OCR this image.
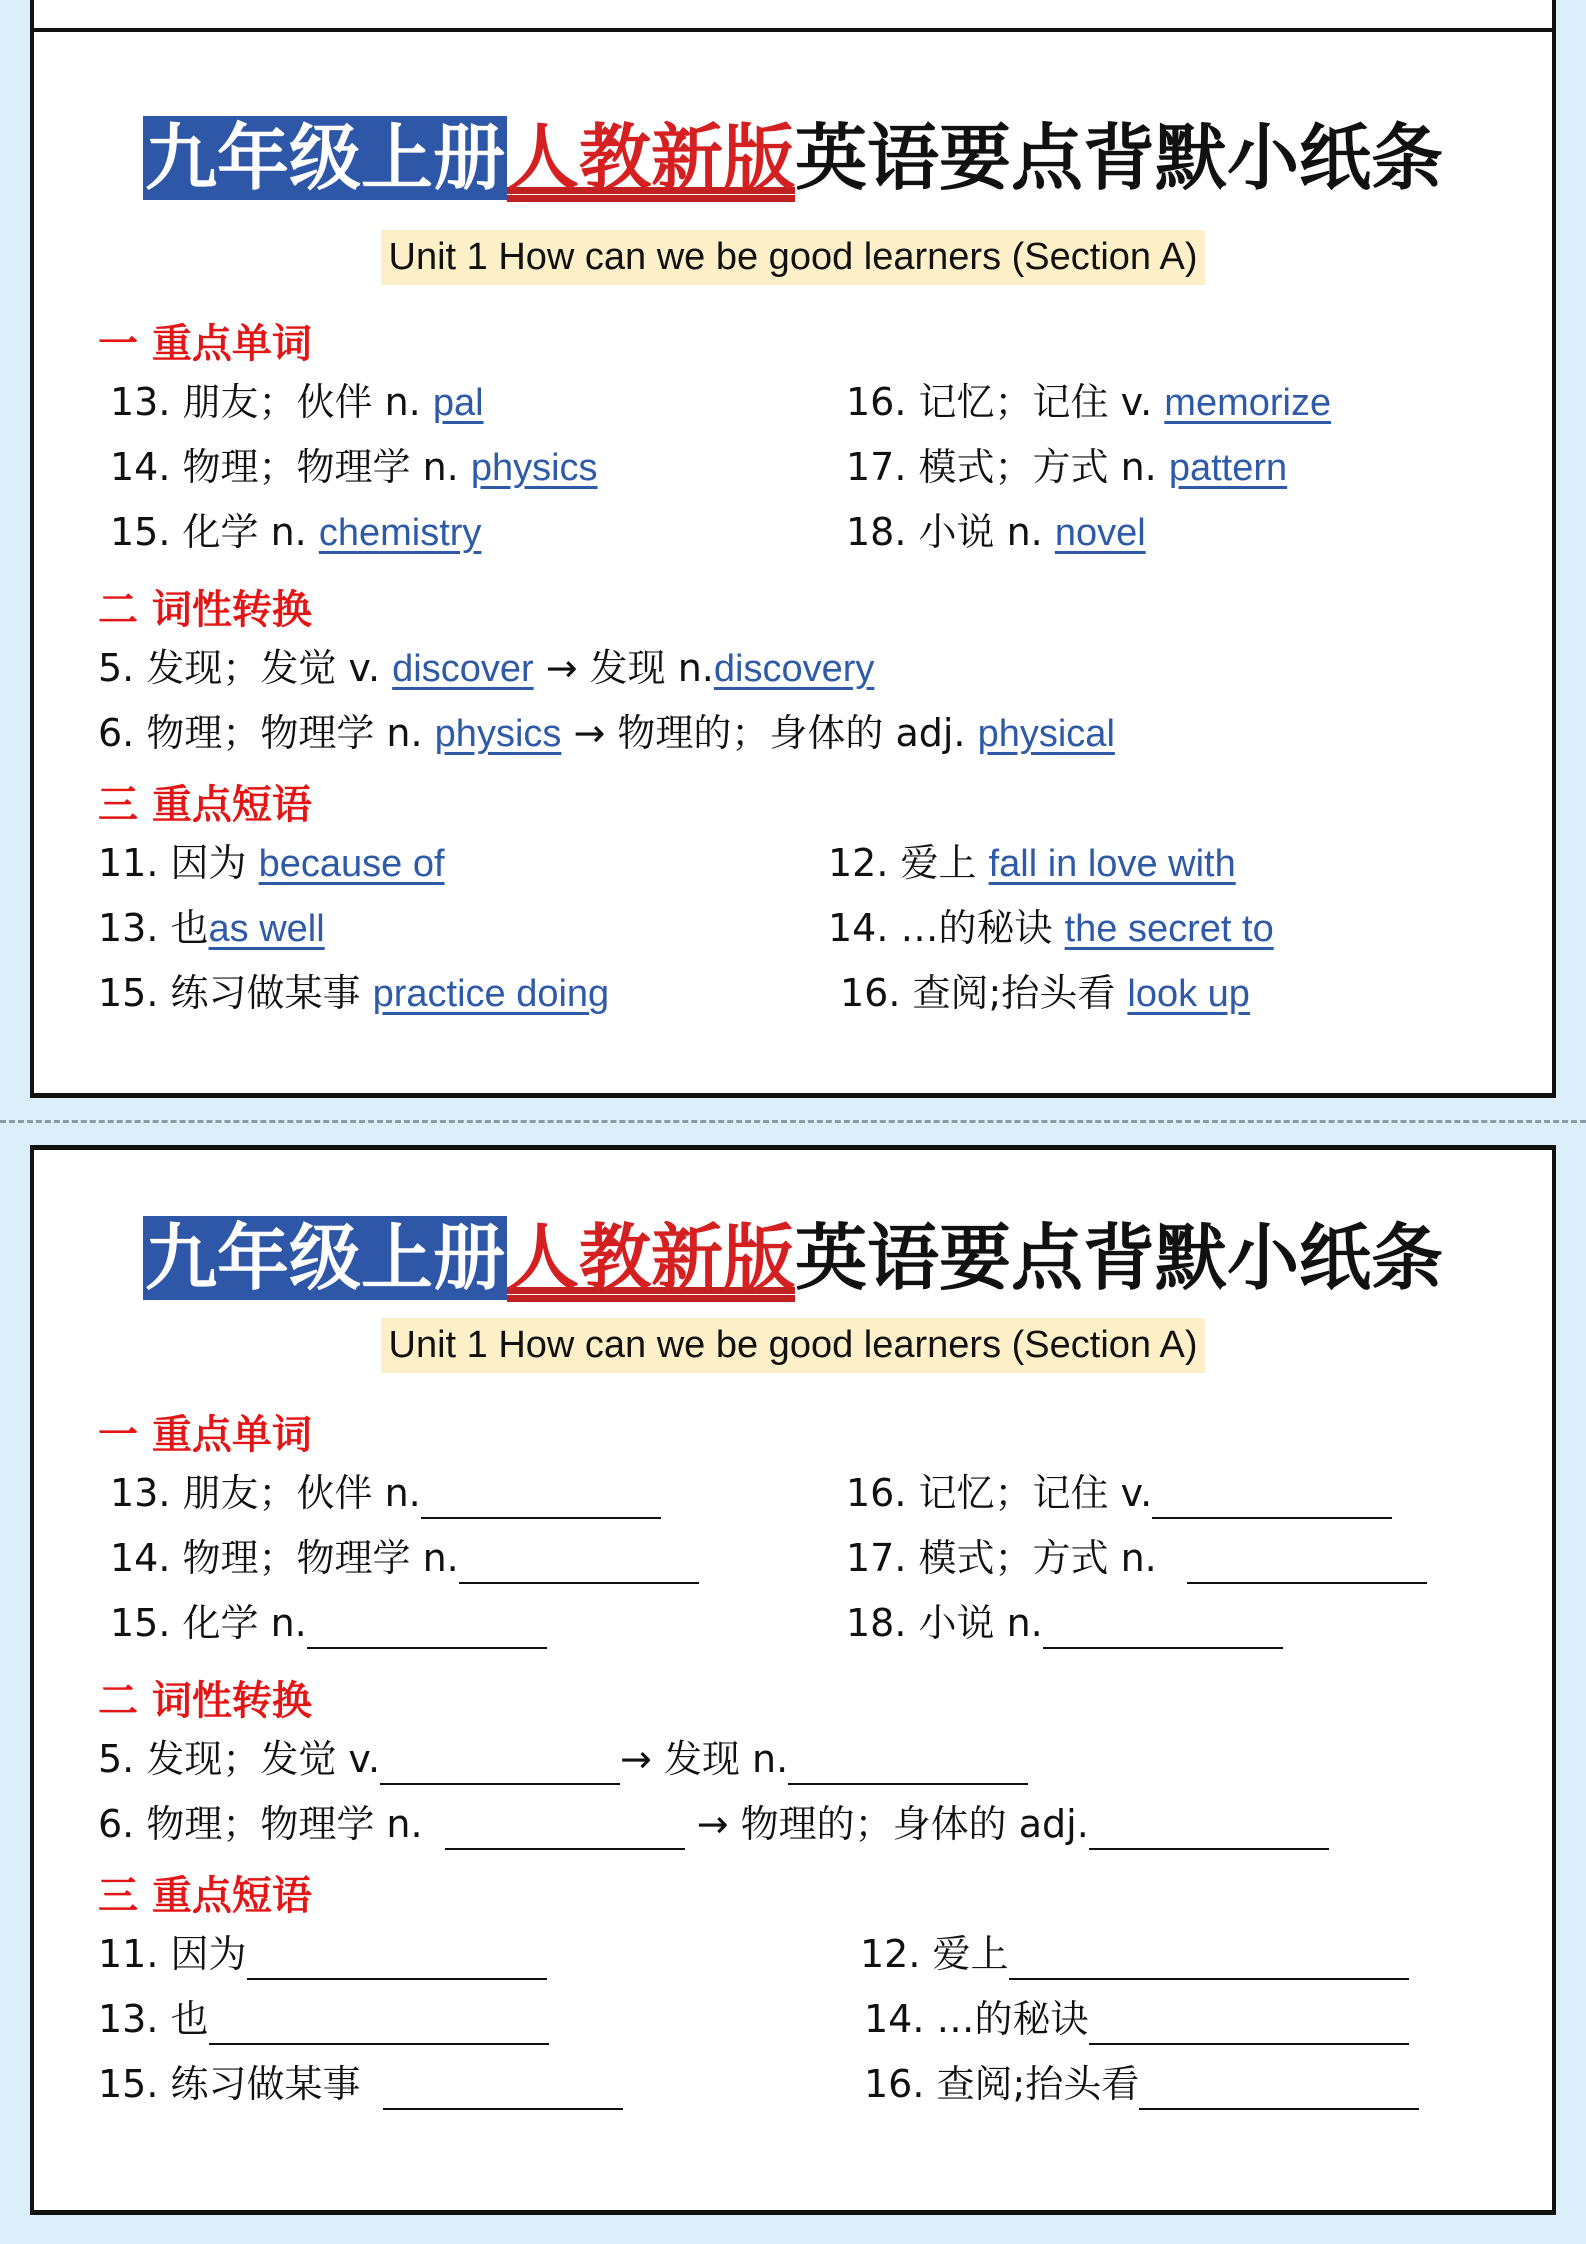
九年级上册人教新版英语要点背默小纸条
Unit 1 How can we be good learners (Section A)
一 重点单词
13. 朋友；伙伴 n. pal
14. 物理；物理学 n. physics
15. 化学 n. chemistry
16. 记忆；记住 v. memorize
17. 模式；方式 n. pattern
18. 小说 n. novel
二 词性转换
5. 发现；发觉 v. discover → 发现 n.discovery
6. 物理；物理学 n. physics → 物理的；身体的 adj. physical
三 重点短语
11. 因为 because of
13. 也as well
15. 练习做某事 practice doing
12. 爱上 fall in love with
14. …的秘诀 the secret to
16. 查阅;抬头看 look up
九年级上册人教新版英语要点背默小纸条
Unit 1 How can we be good learners (Section A)
一 重点单词
13. 朋友；伙伴 n.
14. 物理；物理学 n.
15. 化学 n.
16. 记忆；记住 v.
17. 模式；方式 n.
18. 小说 n.
二 词性转换
5. 发现；发觉 v.	→ 发现 n.
6. 物理；物理学 n.	→ 物理的；身体的 adj.
三 重点短语
11. 因为
13. 也
15. 练习做某事
12. 爱上
14. …的秘诀
16. 查阅;抬头看
